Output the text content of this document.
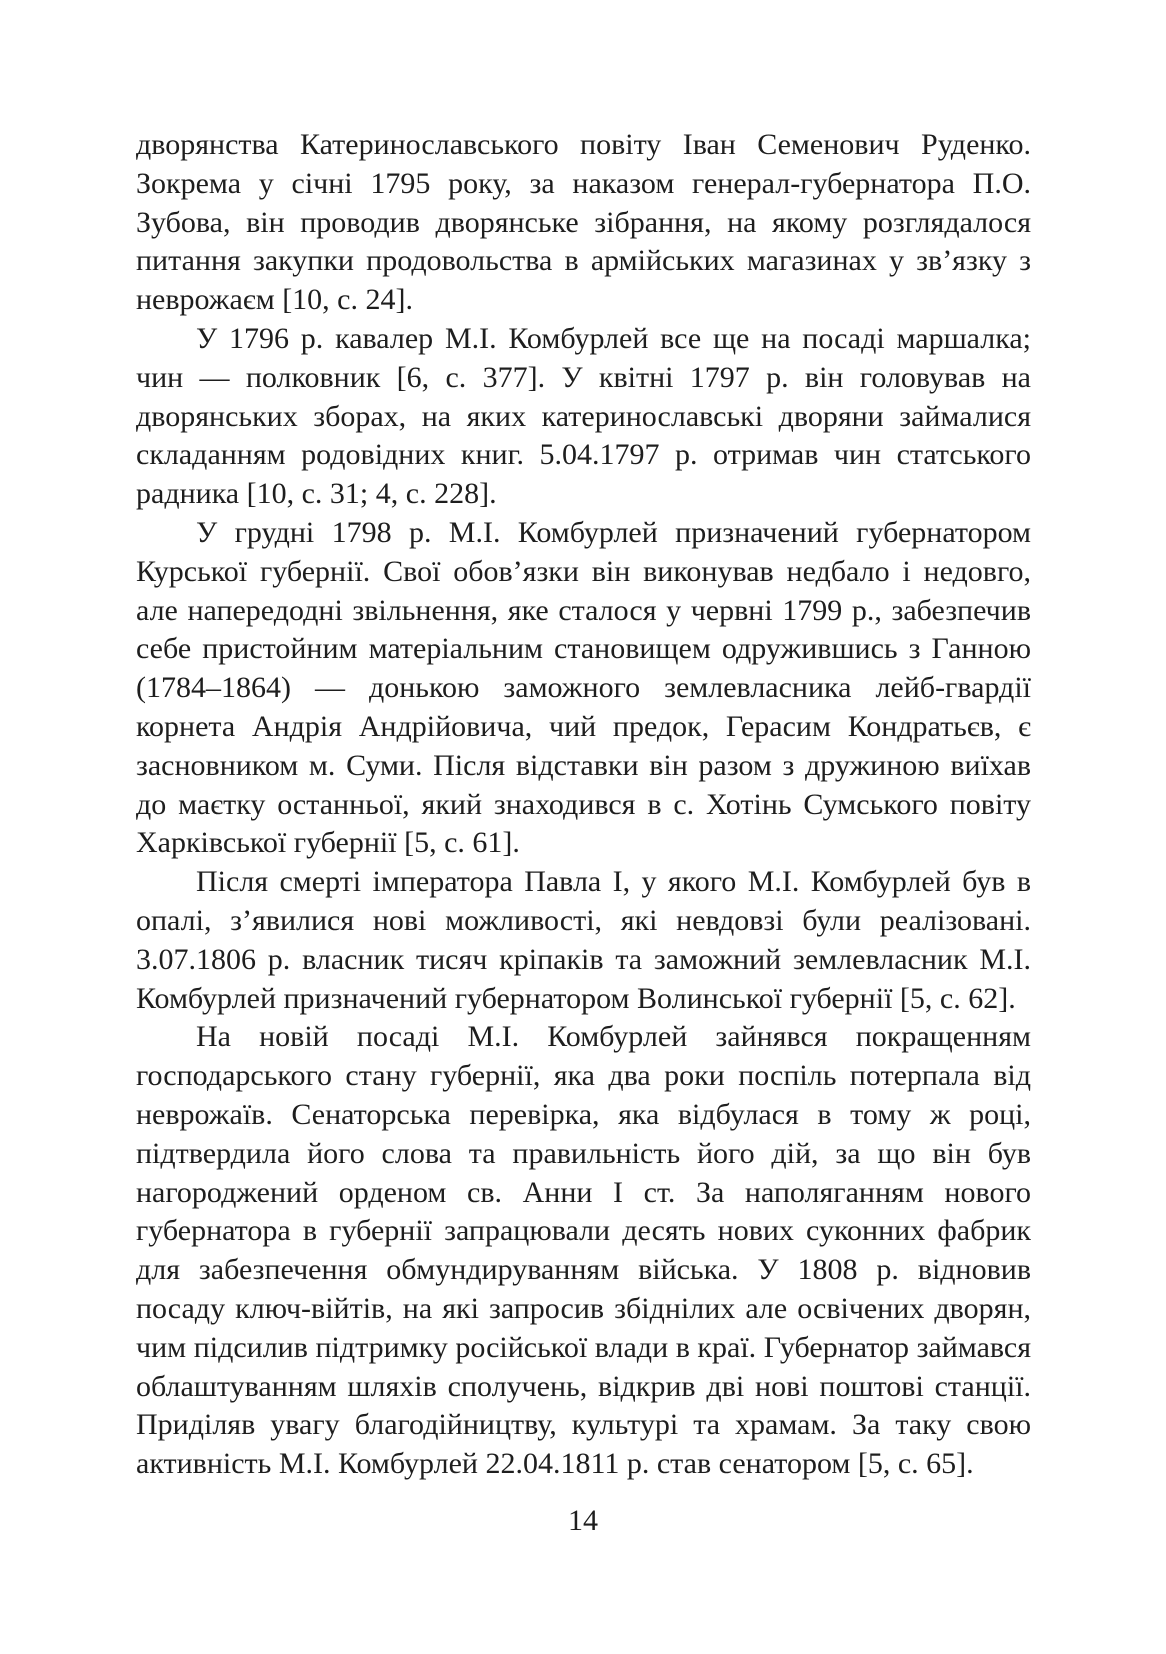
дворянства Катеринославського повіту Іван Семенович Руденко. Зокрема у січні 1795 року, за наказом генерал-губернатора П.О. Зубова, він проводив дворянське зібрання, на якому розглядалося питання закупки продовольства в армійських магазинах у зв’язку з неврожаєм [10, с. 24].

У 1796 р. кавалер М.І. Комбурлей все ще на посаді маршалка; чин — полковник [6, с. 377]. У квітні 1797 р. він головував на дворянських зборах, на яких катеринославські дворяни займалися складанням родовідних книг. 5.04.1797 р. отримав чин статського радника [10, с. 31; 4, с. 228].

У грудні 1798 р. М.І. Комбурлей призначений губернатором Курської губернії. Свої обов’язки він виконував недбало і недовго, але напередодні звільнення, яке сталося у червні 1799 р., забезпечив себе пристойним матеріальним становищем одружившись з Ганною (1784–1864) — донькою заможного землевласника лейб-гвардії корнета Андрія Андрійовича, чий предок, Герасим Кондратьєв, є засновником м. Суми. Після відставки він разом з дружиною виїхав до маєтку останньої, який знаходився в с. Хотінь Сумського повіту Харківської губернії [5, с. 61].

Після смерті імператора Павла І, у якого М.І. Комбурлей був в опалі, з’явилися нові можливості, які невдовзі були реалізовані. 3.07.1806 р. власник тисяч кріпаків та заможний землевласник М.І. Комбурлей призначений губернатором Волинської губернії [5, с. 62].

На новій посаді М.І. Комбурлей зайнявся покращенням господарського стану губернії, яка два роки поспіль потерпала від неврожаїв. Сенаторська перевірка, яка відбулася в тому ж році, підтвердила його слова та правильність його дій, за що він був нагороджений орденом св. Анни І ст. За наполяганням нового губернатора в губернії запрацювали десять нових суконних фабрик для забезпечення обмундируванням війська. У 1808 р. відновив посаду ключ-війтів, на які запросив збіднілих але освічених дворян, чим підсилив підтримку російської влади в краї. Губернатор займався облаштуванням шляхів сполучень, відкрив дві нові поштові станції. Приділяв увагу благодійництву, культурі та храмам. За таку свою активність М.І. Комбурлей 22.04.1811 р. став сенатором [5, с. 65].

14
